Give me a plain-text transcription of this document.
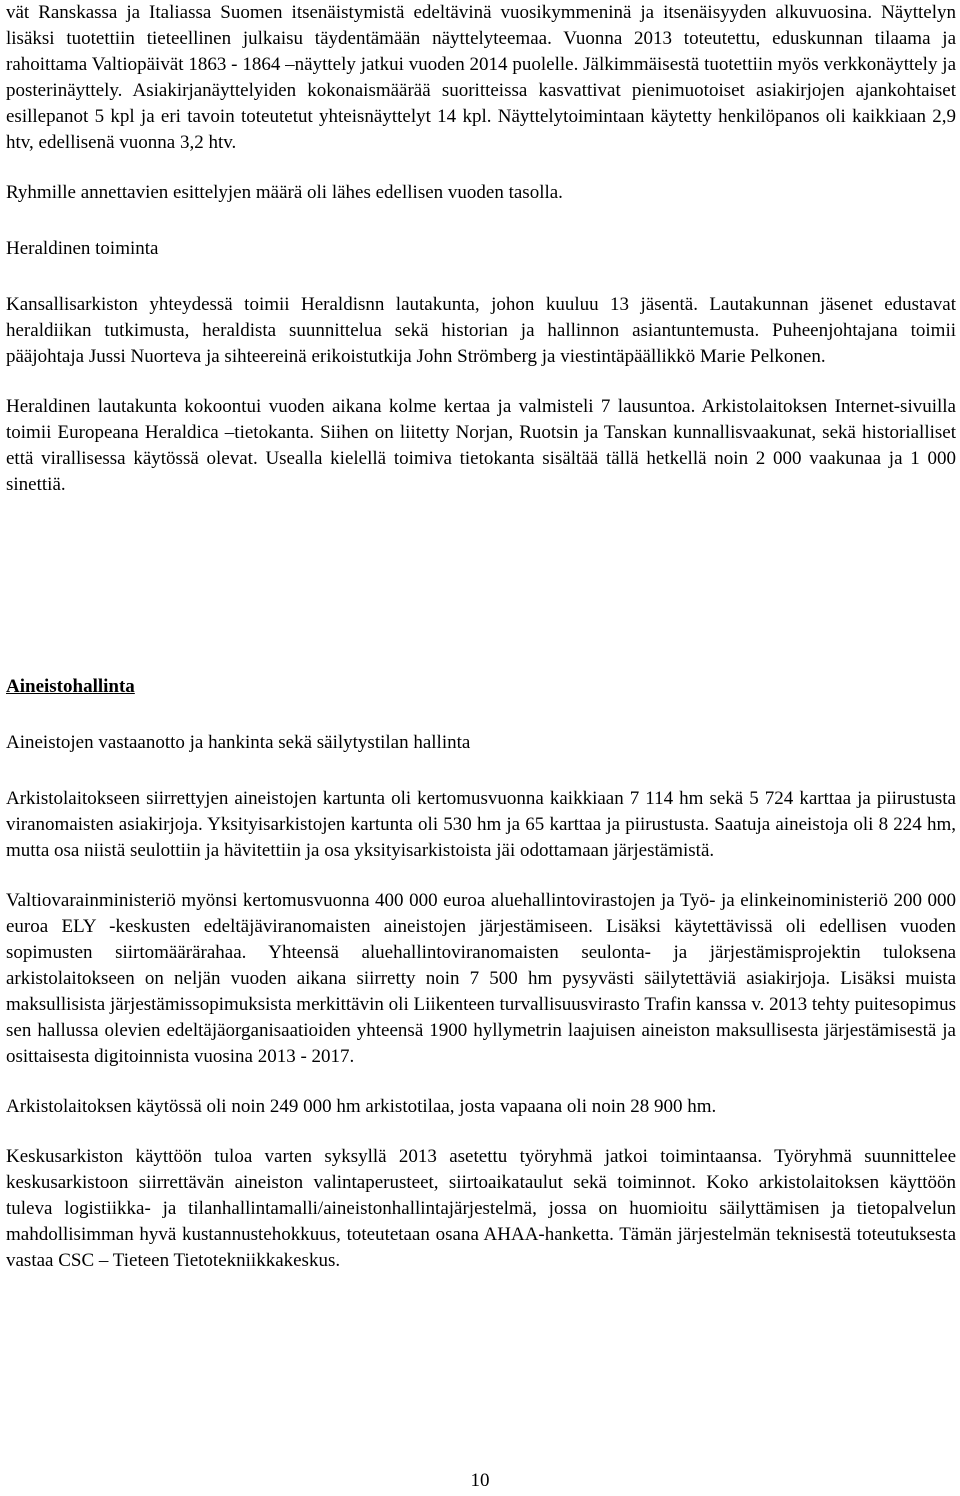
vät Ranskassa ja Italiassa Suomen itsenäistymistä edeltävinä vuosikymmeninä ja itsenäisyyden alkuvuosina. Näyttelyn lisäksi tuotettiin tieteellinen julkaisu täydentämään näyttelyteemaa. Vuonna 2013 toteutettu, eduskunnan tilaama ja rahoittama Valtiopäivät 1863 - 1864 –näyttely jatkui vuoden 2014 puolelle. Jälkimmäisestä tuotettiin myös verkkonäyttely ja posterinäyttely. Asiakirjanäyttelyiden kokonaismäärää suoritteissa kasvattivat pienimuotoiset asiakirjojen ajankohtaiset esillepanot 5 kpl ja eri tavoin toteutetut yhteisnäyttelyt 14 kpl. Näyttelytoimintaan käytetty henkilöpanos oli kaikkiaan 2,9 htv, edellisenä vuonna 3,2 htv.

Ryhmille annettavien esittelyjen määrä oli lähes edellisen vuoden tasolla.

Heraldinen toiminta

Kansallisarkiston yhteydessä toimii Heraldisnn lautakunta, johon kuuluu 13 jäsentä. Lautakunnan jäsenet edustavat heraldiikan tutkimusta, heraldista suunnittelua sekä historian ja hallinnon asiantuntemusta. Puheenjohtajana toimii pääjohtaja Jussi Nuorteva ja sihteereinä erikoistutkija John Strömberg ja viestintäpäällikkö Marie Pelkonen.

Heraldinen lautakunta kokoontui vuoden aikana kolme kertaa ja valmisteli 7 lausuntoa. Arkistolaitoksen Internet-sivuilla toimii Europeana Heraldica –tietokanta. Siihen on liitetty Norjan, Ruotsin ja Tanskan kunnallisvaakunat, sekä historialliset että virallisessa käytössä olevat. Usealla kielellä toimiva tietokanta sisältää tällä hetkellä noin 2 000 vaakunaa ja 1 000 sinettiä.

Aineistohallinta

Aineistojen vastaanotto ja hankinta sekä säilytystilan hallinta

Arkistolaitokseen siirrettyjen aineistojen kartunta oli kertomusvuonna kaikkiaan 7 114 hm sekä 5 724 karttaa ja piirustusta viranomaisten asiakirjoja. Yksityisarkistojen kartunta oli 530 hm ja 65 karttaa ja piirustusta. Saatuja aineistoja oli 8 224 hm, mutta osa niistä seulottiin ja hävitettiin ja osa yksityisarkistoista jäi odottamaan järjestämistä.

Valtiovarainministeriö myönsi kertomusvuonna 400 000 euroa aluehallintovirastojen ja Työ- ja elinkeinoministeriö 200 000 euroa ELY -keskusten edeltäjäviranomaisten aineistojen järjestämiseen. Lisäksi käytettävissä oli edellisen vuoden sopimusten siirtomäärärahaa. Yhteensä aluehallintoviranomaisten seulonta- ja järjestämisprojektin tuloksena arkistolaitokseen on neljän vuoden aikana siirretty noin 7 500 hm pysyvästi säilytettäviä asiakirjoja. Lisäksi muista maksullisista järjestämissopimuksista merkittävin oli Liikenteen turvallisuusvirasto Trafin kanssa v. 2013 tehty puitesopimus sen hallussa olevien edeltäjäorganisaatioiden yhteensä 1900 hyllymetrin laajuisen aineiston maksullisesta järjestämisestä ja osittaisesta digitoinnista vuosina 2013 - 2017.

Arkistolaitoksen käytössä oli noin 249 000 hm arkistotilaa, josta vapaana oli noin 28 900 hm.

Keskusarkiston käyttöön tuloa varten syksyllä 2013 asetettu työryhmä jatkoi toimintaansa. Työryhmä suunnittelee keskusarkistoon siirrettävän aineiston valintaperusteet, siirtoaikataulut sekä toiminnot. Koko arkistolaitoksen käyttöön tuleva logistiikka- ja tilanhallintamalli/aineistonhallintajärjestelmä, jossa on huomioitu säilyttämisen ja tietopalvelun mahdollisimman hyvä kustannustehokkuus, toteutetaan osana AHAA-hanketta. Tämän järjestelmän teknisestä toteutuksesta vastaa CSC – Tieteen Tietotekniikkakeskus.

10
